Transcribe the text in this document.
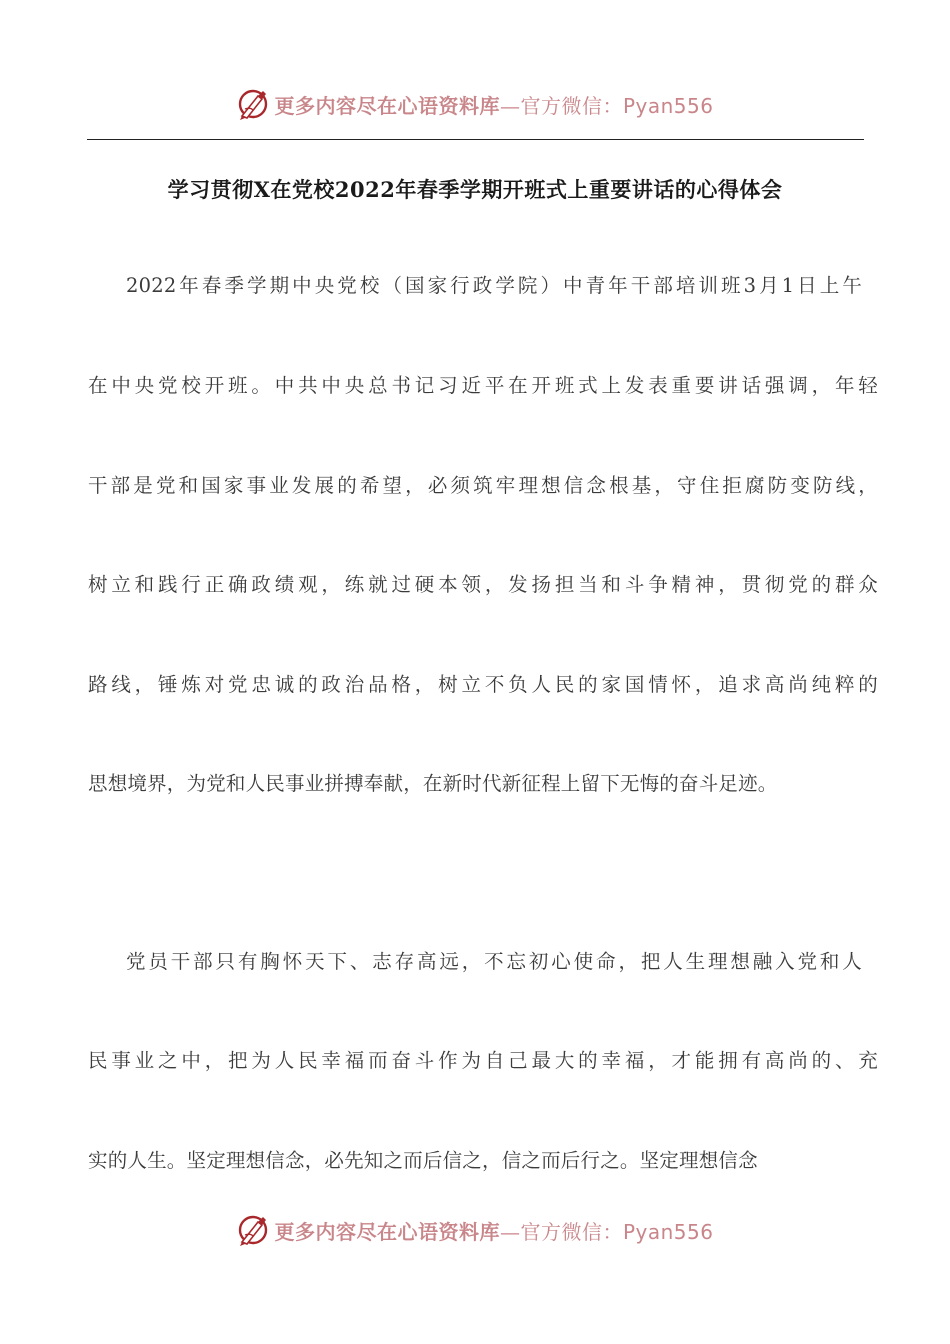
更多内容尽在心语资料库—官方微信：Pyan556
学习贯彻X在党校2022年春季学期开班式上重要讲话的心得体会
2022年春季学期中央党校（国家行政学院）中青年干部培训班3月1日上午
在中央党校开班。中共中央总书记习近平在开班式上发表重要讲话强调，年轻
干部是党和国家事业发展的希望，必须筑牢理想信念根基，守住拒腐防变防线，
树立和践行正确政绩观，练就过硬本领，发扬担当和斗争精神，贯彻党的群众
路线，锤炼对党忠诚的政治品格，树立不负人民的家国情怀，追求高尚纯粹的
思想境界，为党和人民事业拼搏奉献，在新时代新征程上留下无悔的奋斗足迹。
党员干部只有胸怀天下、志存高远，不忘初心使命，把人生理想融入党和人
民事业之中，把为人民幸福而奋斗作为自己最大的幸福，才能拥有高尚的、充
实的人生。坚定理想信念，必先知之而后信之，信之而后行之。坚定理想信念
更多内容尽在心语资料库—官方微信：Pyan556
